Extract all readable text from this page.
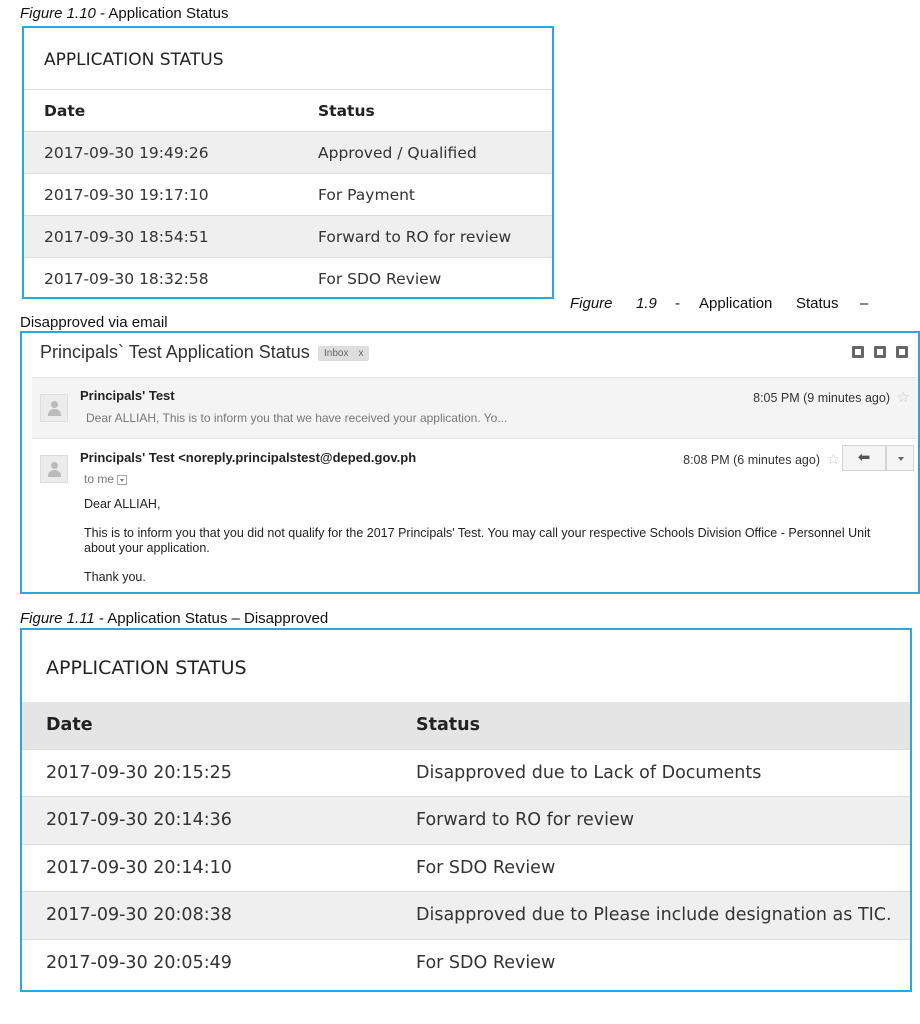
Figure 1.10 - Application Status
APPLICATION STATUS
Date	Status
2017-09-30 19:49:26	Approved / Qualified
2017-09-30 19:17:10	For Payment
2017-09-30 18:54:51	Forward to RO for review
2017-09-30 18:32:58	For SDO Review
Figure 1.9 - Application Status –
Disapproved via email
Principals` Test Application Status	Inbox x
Principals' Test
Dear ALLIAH, This is to inform you that we have received your application. Yo...
8:05 PM (9 minutes ago) ☆
Principals' Test <noreply.principalstest@deped.gov.ph
to me
8:08 PM (6 minutes ago) ☆	⬅

Dear ALLIAH,

This is to inform you that you did not qualify for the 2017 Principals' Test. You may call your respective Schools Division Office - Personnel Unit about your application.

Thank you.

Figure 1.11 - Application Status – Disapproved
APPLICATION STATUS
Date	Status
2017-09-30 20:15:25	Disapproved due to Lack of Documents
2017-09-30 20:14:36	Forward to RO for review
2017-09-30 20:14:10	For SDO Review
2017-09-30 20:08:38	Disapproved due to Please include designation as TIC.
2017-09-30 20:05:49	For SDO Review
